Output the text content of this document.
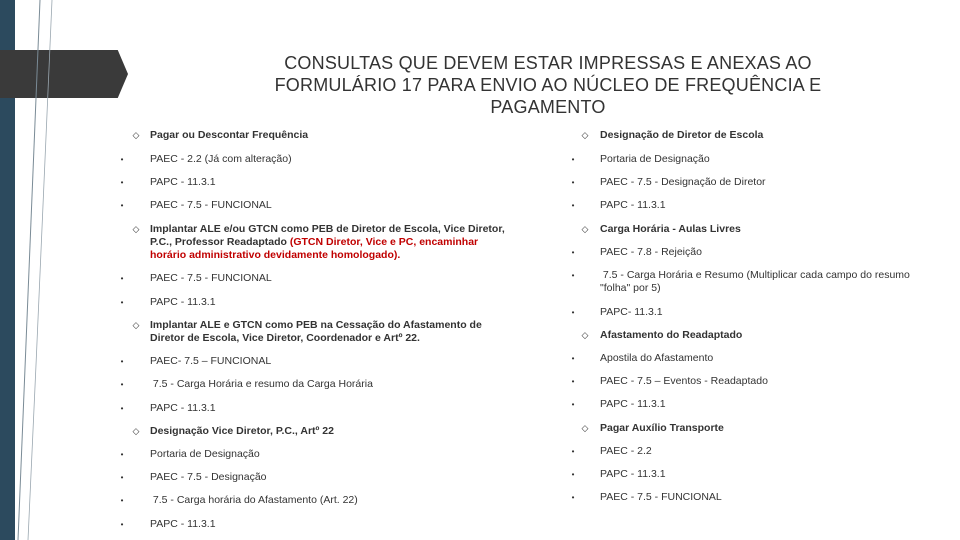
CONSULTAS QUE DEVEM ESTAR IMPRESSAS E ANEXAS AO FORMULÁRIO 17 PARA ENVIO AO NÚCLEO DE FREQUÊNCIA E PAGAMENTO
◇ Pagar ou Descontar Frequência
•	PAEC - 2.2 (Já com alteração)
•	PAPC - 11.3.1
•	PAEC - 7.5 - FUNCIONAL
◇ Implantar ALE e/ou GTCN como PEB de Diretor de Escola, Vice Diretor, P.C., Professor Readaptado (GTCN Diretor, Vice e PC, encaminhar horário administrativo devidamente homologado).
•	PAEC - 7.5 - FUNCIONAL
•	PAPC - 11.3.1
◇ Implantar ALE e GTCN como PEB na Cessação do Afastamento de Diretor de Escola, Vice Diretor, Coordenador e Artº 22.
•	PAEC- 7.5 – FUNCIONAL
•	7.5 - Carga Horária e resumo da Carga Horária
•	PAPC - 11.3.1
◇ Designação Vice Diretor, P.C., Artº 22
•	Portaria de Designação
•	PAEC - 7.5 - Designação
•	7.5 - Carga horária do Afastamento (Art. 22)
•	PAPC - 11.3.1
◇ Designação de Diretor de Escola
•	Portaria de Designação
•	PAEC - 7.5 - Designação de Diretor
•	PAPC - 11.3.1
◇ Carga Horária - Aulas Livres
•	PAEC - 7.8 - Rejeição
•	7.5 - Carga Horária e Resumo (Multiplicar cada campo do resumo "folha" por 5)
•	PAPC- 11.3.1
◇ Afastamento do Readaptado
•	Apostila do Afastamento
•	PAEC - 7.5 – Eventos - Readaptado
•	PAPC - 11.3.1
◇ Pagar Auxílio Transporte
•	PAEC - 2.2
•	PAPC - 11.3.1
•	PAEC - 7.5 - FUNCIONAL
